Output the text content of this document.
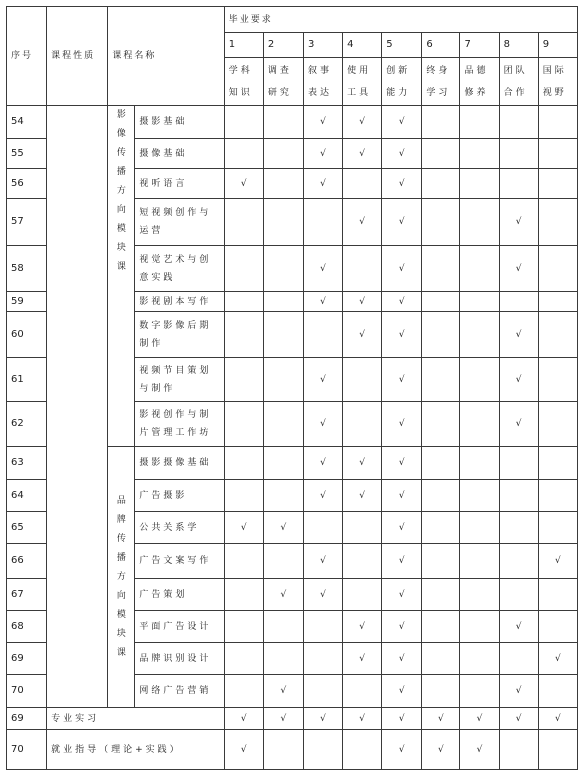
序号	课程性质	课程名称		毕业要求								
				1	2	3	4	5	6	7	8	9
				学科知识	调查研究	叙事表达	使用工具	创新能力	终身学习	品德修养	团队合作	国际视野
54		影像传播方向模块课	摄影基础			√	√	√				
55			摄像基础			√	√	√				
56			视听语言	√		√		√				
57			短视频创作与运营				√	√			√	
58			视觉艺术与创意实践			√		√			√	
59			影视剧本写作			√	√	√				
60			数字影像后期制作				√	√			√	
61			视频节目策划与制作			√		√			√	
62			影视创作与制片管理工作坊			√		√			√	
63		品牌传播方向模块课	摄影摄像基础			√	√	√				
64			广告摄影			√	√	√				
65			公共关系学	√	√			√				
66			广告文案写作			√		√				√
67			广告策划		√	√		√				
68			平面广告设计				√	√			√	
69			品牌识别设计				√	√				√
70			网络广告营销		√			√			√	
69	专业实习			√	√	√	√	√	√	√	√	√
70	就业指导（理论+实践）			√				√	√	√		
